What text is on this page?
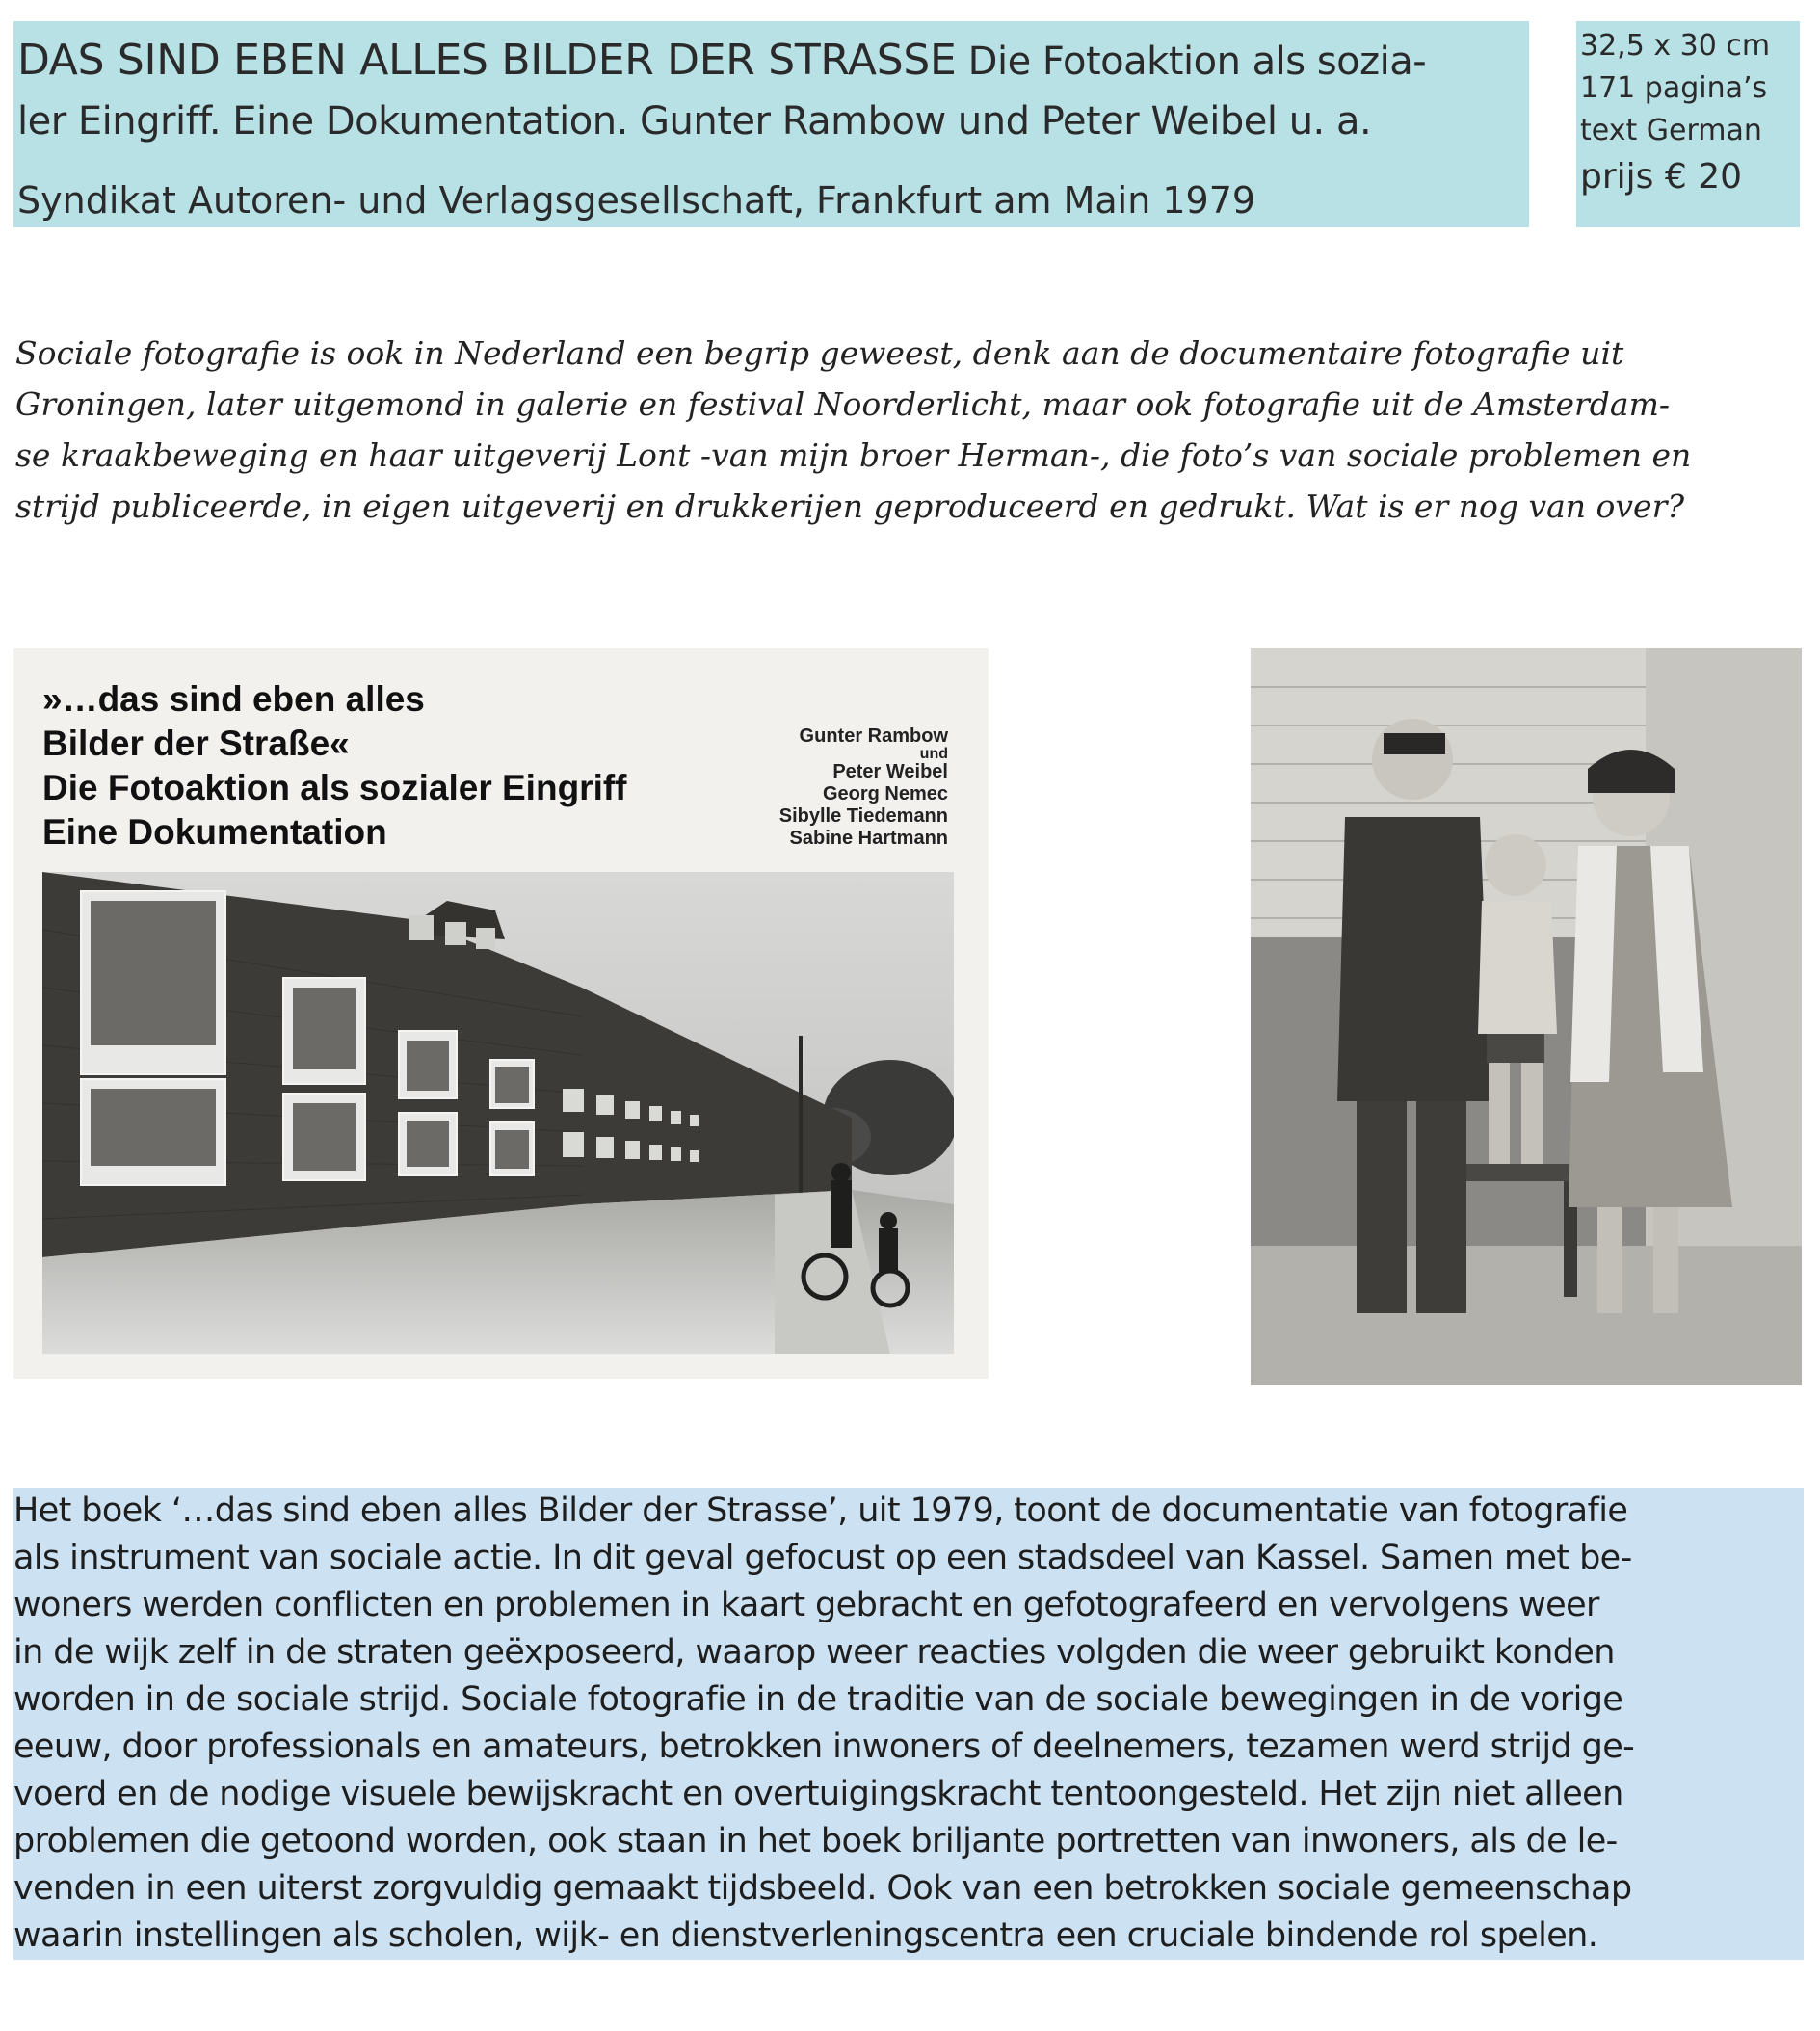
DAS SIND EBEN ALLES BILDER DER STRASSE Die Fotoaktion als sozia-
ler Eingriff. Eine Dokumentation. Gunter Rambow und Peter Weibel u. a.
Syndikat Autoren- und Verlagsgesellschaft, Frankfurt am Main 1979
32,5 x 30 cm
171 pagina’s
text German
prijs € 20
Sociale fotografie is ook in Nederland een begrip geweest, denk aan de documentaire fotografie uit
Groningen, later uitgemond in galerie en festival Noorderlicht, maar ook fotografie uit de Amsterdam-
se kraakbeweging en haar uitgeverij Lont -van mijn broer Herman-, die foto’s van sociale problemen en
strijd publiceerde, in eigen uitgeverij en drukkerijen geproduceerd en gedrukt. Wat is er nog van over?
»…das sind eben alles
Bilder der Straße«
Die Fotoaktion als sozialer Eingriff
Eine Dokumentation
Gunter Rambow
und
Peter Weibel
Georg Nemec
Sibylle Tiedemann
Sabine Hartmann
Het boek ‘…das sind eben alles Bilder der Strasse’, uit 1979, toont de documentatie van fotografie
als instrument van sociale actie. In dit geval gefocust op een stadsdeel van Kassel. Samen met be-
woners werden conflicten en problemen in kaart gebracht en gefotografeerd en vervolgens weer
in de wijk zelf in de straten geëxposeerd, waarop weer reacties volgden die weer gebruikt konden
worden in de sociale strijd. Sociale fotografie in de traditie van de sociale bewegingen in de vorige
eeuw, door professionals en amateurs, betrokken inwoners of deelnemers, tezamen werd strijd ge-
voerd en de nodige visuele bewijskracht en overtuigingskracht tentoongesteld. Het zijn niet alleen
problemen die getoond worden, ook staan in het boek briljante portretten van inwoners, als de le-
venden in een uiterst zorgvuldig gemaakt tijdsbeeld. Ook van een betrokken sociale gemeenschap
waarin instellingen als scholen, wijk- en dienstverleningscentra een cruciale bindende rol spelen.
